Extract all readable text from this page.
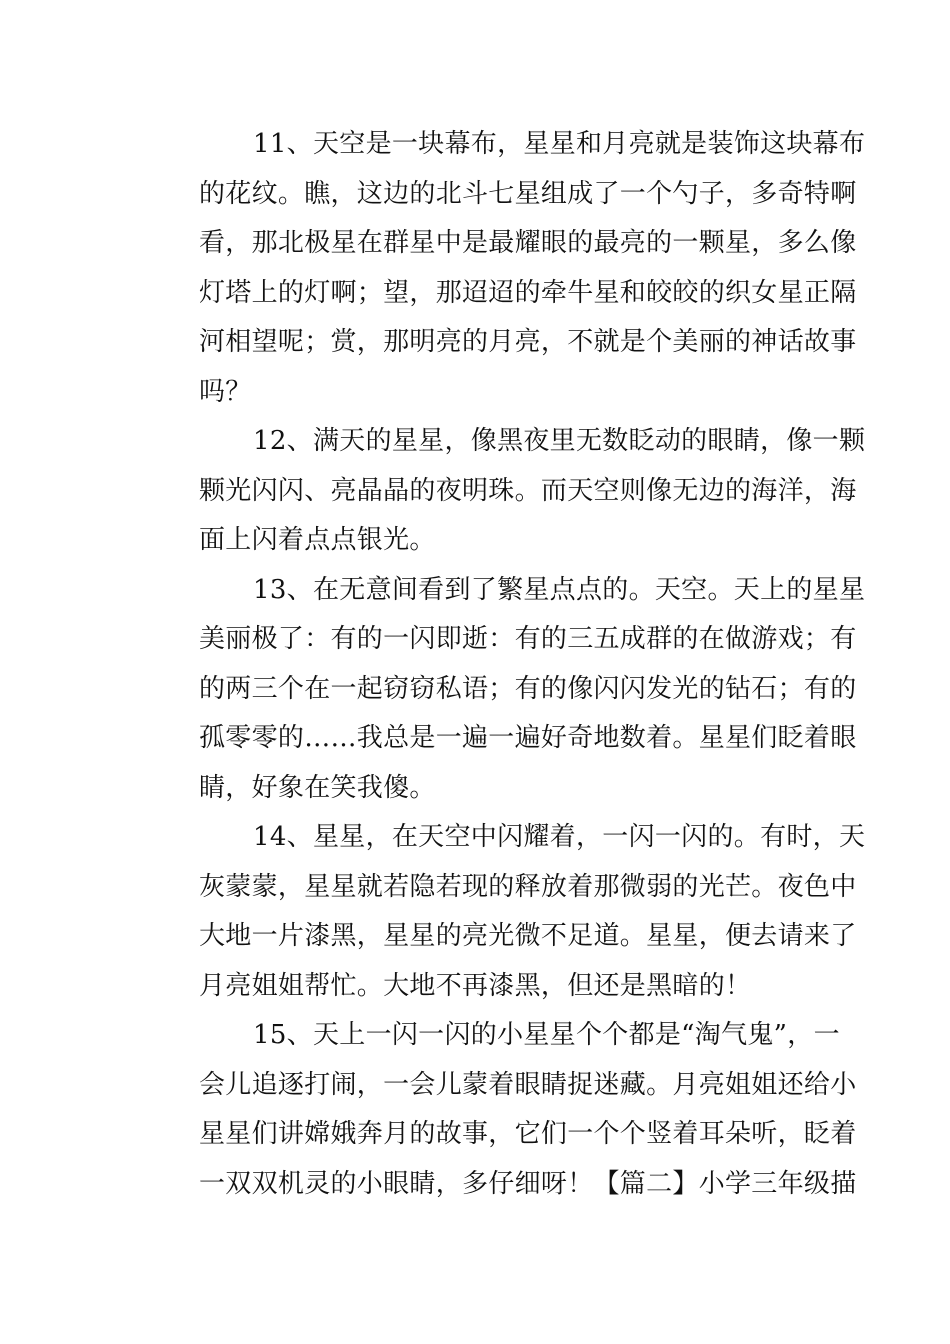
11、天空是一块幕布，星星和月亮就是装饰这块幕布
的花纹。瞧，这边的北斗七星组成了一个勺子，多奇特啊
看，那北极星在群星中是最耀眼的最亮的一颗星，多么像
灯塔上的灯啊；望，那迢迢的牵牛星和皎皎的织女星正隔
河相望呢；赏，那明亮的月亮，不就是个美丽的神话故事
吗？
12、满天的星星，像黑夜里无数眨动的眼睛，像一颗
颗光闪闪、亮晶晶的夜明珠。而天空则像无边的海洋，海
面上闪着点点银光。
13、在无意间看到了繁星点点的。天空。天上的星星
美丽极了：有的一闪即逝：有的三五成群的在做游戏；有
的两三个在一起窃窃私语；有的像闪闪发光的钻石；有的
孤零零的……我总是一遍一遍好奇地数着。星星们眨着眼
睛，好象在笑我傻。
14、星星，在天空中闪耀着，一闪一闪的。有时，天
灰蒙蒙，星星就若隐若现的释放着那微弱的光芒。夜色中
大地一片漆黑，星星的亮光微不足道。星星，便去请来了
月亮姐姐帮忙。大地不再漆黑，但还是黑暗的！
15、天上一闪一闪的小星星个个都是“淘气鬼”，一
会儿追逐打闹，一会儿蒙着眼睛捉迷藏。月亮姐姐还给小
星星们讲嫦娥奔月的故事，它们一个个竖着耳朵听，眨着
一双双机灵的小眼睛，多仔细呀！【篇二】小学三年级描
